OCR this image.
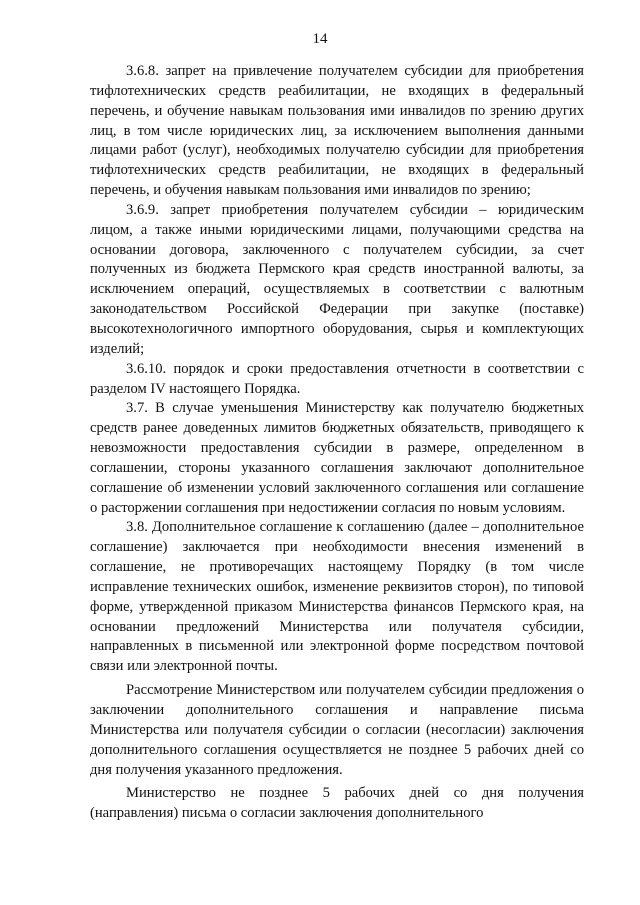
14

3.6.8. запрет на привлечение получателем субсидии для приобретения тифлотехнических средств реабилитации, не входящих в федеральный перечень, и обучение навыкам пользования ими инвалидов по зрению других лиц, в том числе юридических лиц, за исключением выполнения данными лицами работ (услуг), необходимых получателю субсидии для приобретения тифлотехнических средств реабилитации, не входящих в федеральный перечень, и обучения навыкам пользования ими инвалидов по зрению;

3.6.9. запрет приобретения получателем субсидии – юридическим лицом, а также иными юридическими лицами, получающими средства на основании договора, заключенного с получателем субсидии, за счет полученных из бюджета Пермского края средств иностранной валюты, за исключением операций, осуществляемых в соответствии с валютным законодательством Российской Федерации при закупке (поставке) высокотехнологичного импортного оборудования, сырья и комплектующих изделий;

3.6.10. порядок и сроки предоставления отчетности в соответствии с разделом IV настоящего Порядка.

3.7. В случае уменьшения Министерству как получателю бюджетных средств ранее доведенных лимитов бюджетных обязательств, приводящего к невозможности предоставления субсидии в размере, определенном в соглашении, стороны указанного соглашения заключают дополнительное соглашение об изменении условий заключенного соглашения или соглашение о расторжении соглашения при недостижении согласия по новым условиям.

3.8. Дополнительное соглашение к соглашению (далее – дополнительное соглашение) заключается при необходимости внесения изменений в соглашение, не противоречащих настоящему Порядку (в том числе исправление технических ошибок, изменение реквизитов сторон), по типовой форме, утвержденной приказом Министерства финансов Пермского края, на основании предложений Министерства или получателя субсидии, направленных в письменной или электронной форме посредством почтовой связи или электронной почты.

Рассмотрение Министерством или получателем субсидии предложения о заключении дополнительного соглашения и направление письма Министерства или получателя субсидии о согласии (несогласии) заключения дополнительного соглашения осуществляется не позднее 5 рабочих дней со дня получения указанного предложения.

Министерство не позднее 5 рабочих дней со дня получения (направления) письма о согласии заключения дополнительного
